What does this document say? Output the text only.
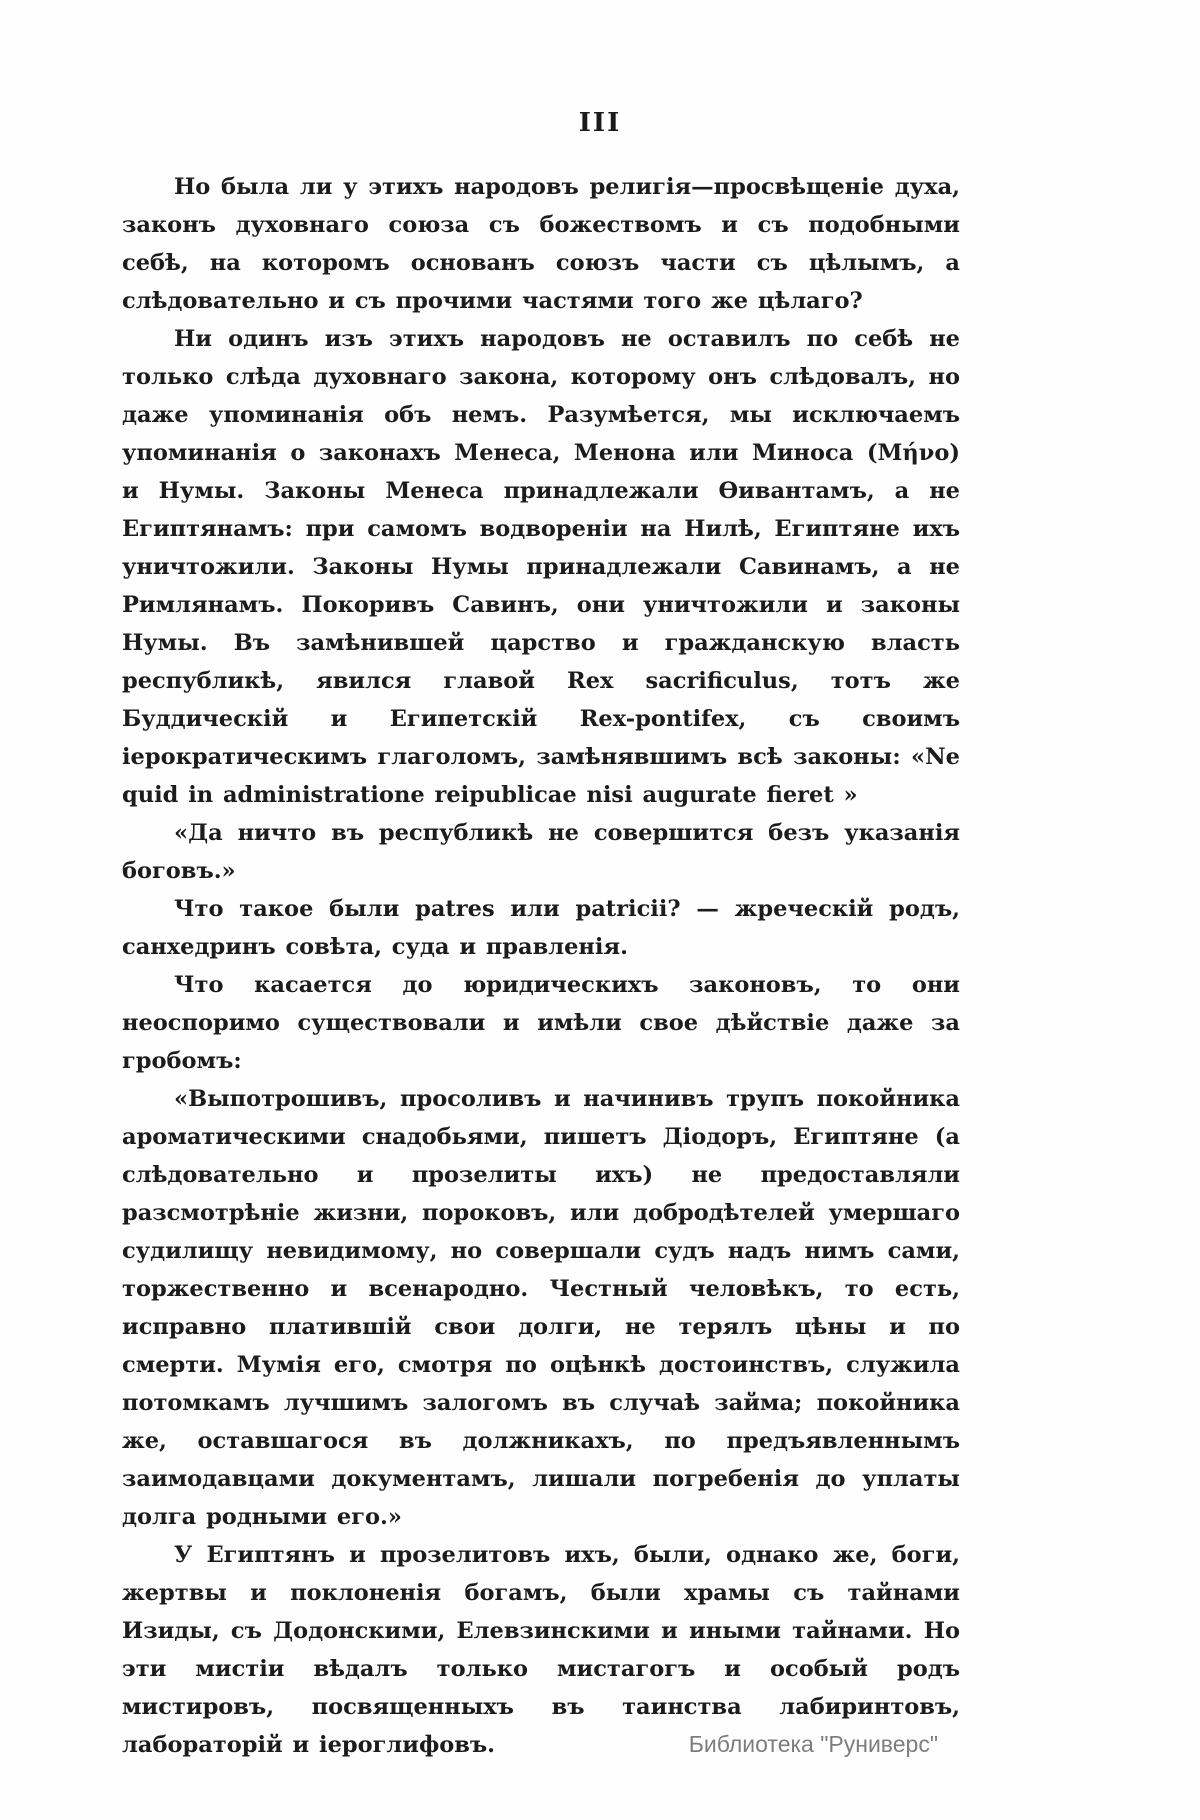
III

Но была ли у этихъ народовъ религія—просвѣщеніе духа, законъ духовнаго союза съ божествомъ и съ подобными себѣ, на которомъ основанъ союзъ части съ цѣлымъ, а слѣдовательно и съ прочими частями того же цѣлаго?

Ни одинъ изъ этихъ народовъ не оставилъ по себѣ не только слѣда духовнаго закона, которому онъ слѣдовалъ, но даже упоминанія объ немъ. Разумѣется, мы исключаемъ упоминанія о законахъ Менеса, Менона или Миноса (Μήνο) и Нумы. Законы Менеса принадлежали Ѳивантамъ, а не Египтянамъ: при самомъ водвореніи на Нилѣ, Египтяне ихъ уничтожили. Законы Нумы принадлежали Савинамъ, а не Римлянамъ. Покоривъ Савинъ, они уничтожили и законы Нумы. Въ замѣнившей царство и гражданскую власть республикѣ, явился главой Rex sacrificulus, тотъ же Буддическій и Египетскій Rex-pontifex, съ своимъ іерократическимъ глаголомъ, замѣнявшимъ всѣ законы: «Ne quid in administratione reipublicae nisi augurate fieret »

«Да ничто въ республикѣ не совершится безъ указанія боговъ.»

Что такое были patres или patricii? — жреческій родъ, санхедринъ совѣта, суда и правленія.

Что касается до юридическихъ законовъ, то они неоспоримо существовали и имѣли свое дѣйствіе даже за гробомъ:

«Выпотрошивъ, просоливъ и начинивъ трупъ покойника ароматическими снадобьями, пишетъ Діодоръ, Египтяне (а слѣдовательно и прозелиты ихъ) не предоставляли разсмотрѣніе жизни, пороковъ, или добродѣтелей умершаго судилищу невидимому, но совершали судъ надъ нимъ сами, торжественно и всенародно. Честный человѣкъ, то есть, исправно платившій свои долги, не терялъ цѣны и по смерти. Мумія его, смотря по оцѣнкѣ достоинствъ, служила потомкамъ лучшимъ залогомъ въ случаѣ займа; покойника же, оставшагося въ должникахъ, по предъявленнымъ заимодавцами документамъ, лишали погребенія до уплаты долга родными его.»

У Египтянъ и прозелитовъ ихъ, были, однако же, боги, жертвы и поклоненія богамъ, были храмы съ тайнами Изиды, съ Додонскими, Елевзинскими и иными тайнами. Но эти мистіи вѣдалъ только мистагогъ и особый родъ мистировъ, посвященныхъ въ таинства лабиринтовъ, лабораторій и іероглифовъ.	Библиотека "Руниверс"
